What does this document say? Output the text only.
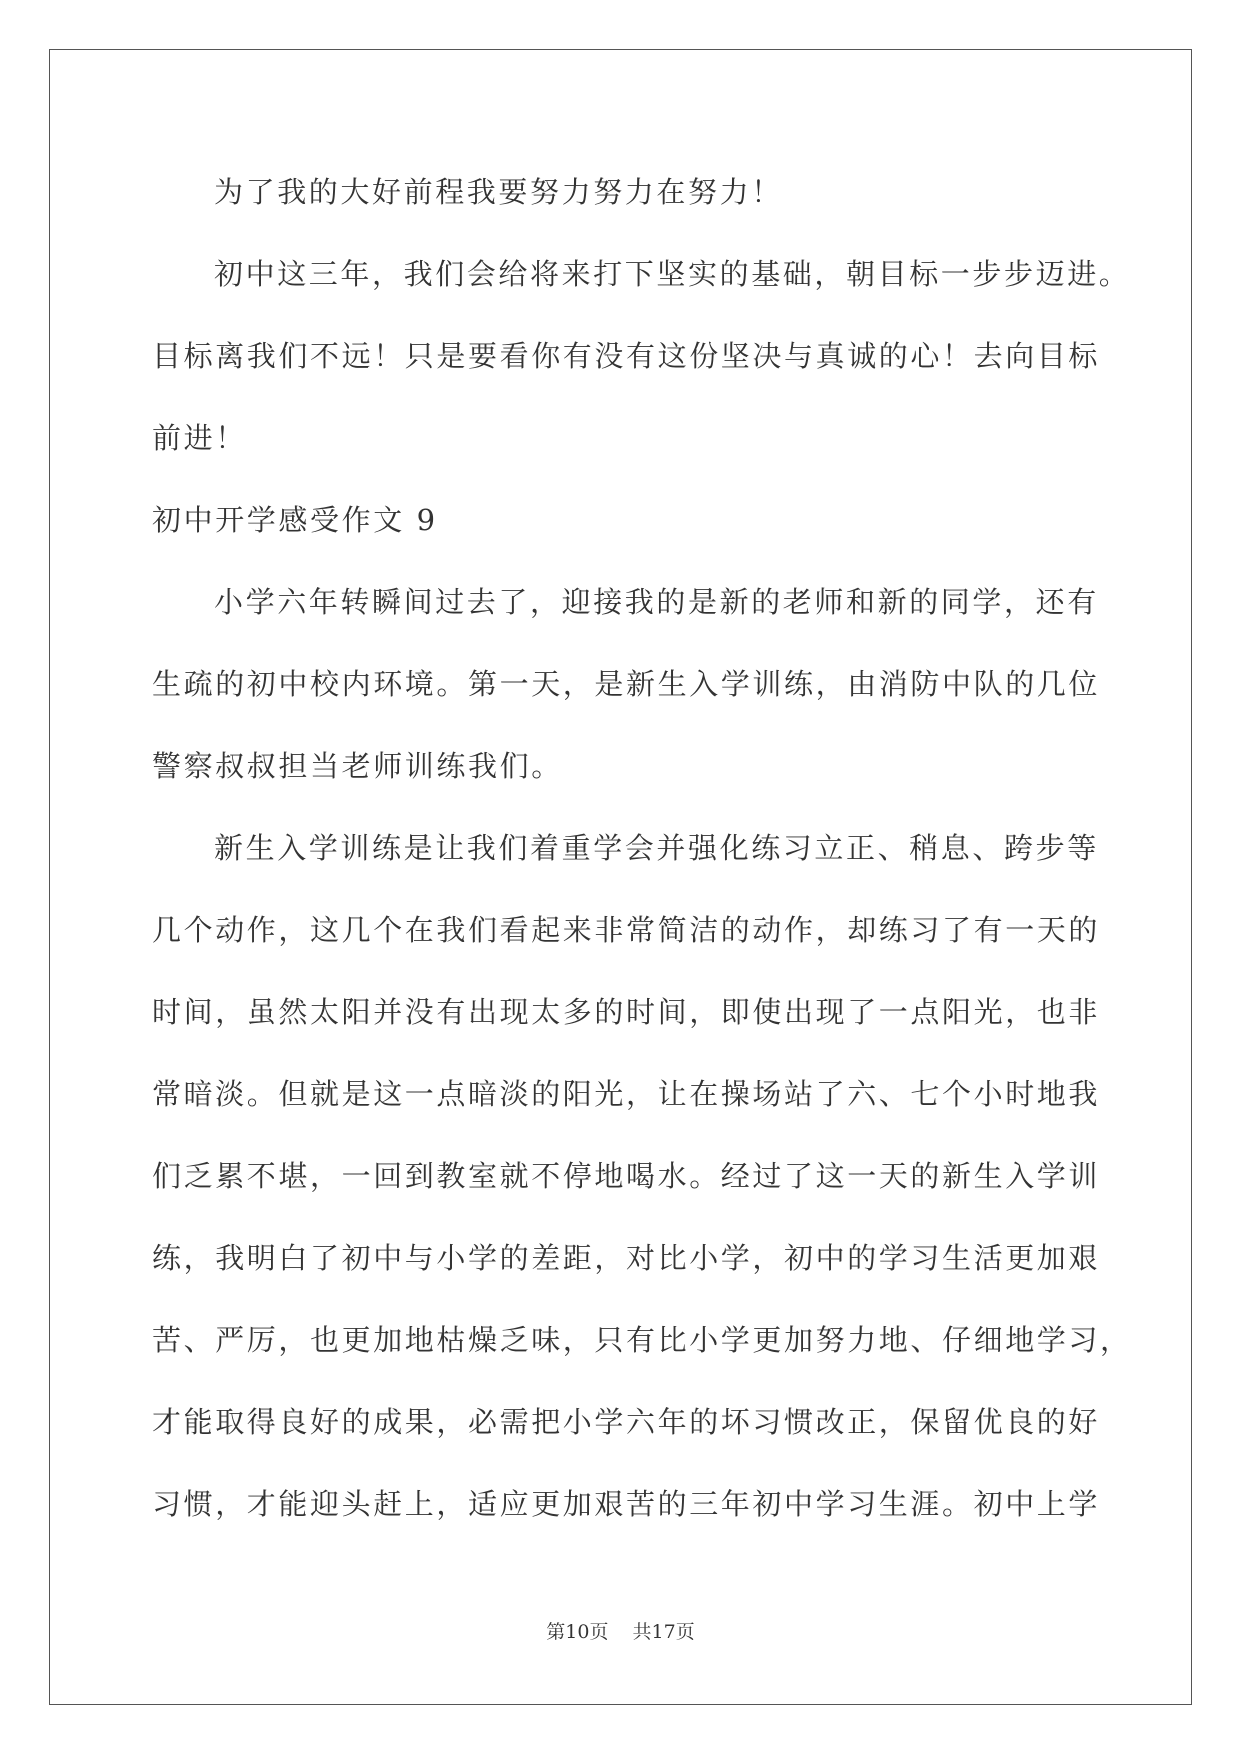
为了我的大好前程我要努力努力在努力！
初中这三年，我们会给将来打下坚实的基础，朝目标一步步迈进。
目标离我们不远！只是要看你有没有这份坚决与真诚的心！去向目标
前进！
初中开学感受作文 9
小学六年转瞬间过去了，迎接我的是新的老师和新的同学，还有
生疏的初中校内环境。第一天，是新生入学训练，由消防中队的几位
警察叔叔担当老师训练我们。
新生入学训练是让我们着重学会并强化练习立正、稍息、跨步等
几个动作，这几个在我们看起来非常简洁的动作，却练习了有一天的
时间，虽然太阳并没有出现太多的时间，即使出现了一点阳光，也非
常暗淡。但就是这一点暗淡的阳光，让在操场站了六、七个小时地我
们乏累不堪，一回到教室就不停地喝水。经过了这一天的新生入学训
练，我明白了初中与小学的差距，对比小学，初中的学习生活更加艰
苦、严厉，也更加地枯燥乏味，只有比小学更加努力地、仔细地学习，
才能取得良好的成果，必需把小学六年的坏习惯改正，保留优良的好
习惯，才能迎头赶上，适应更加艰苦的三年初中学习生涯。初中上学
第10页 共17页
